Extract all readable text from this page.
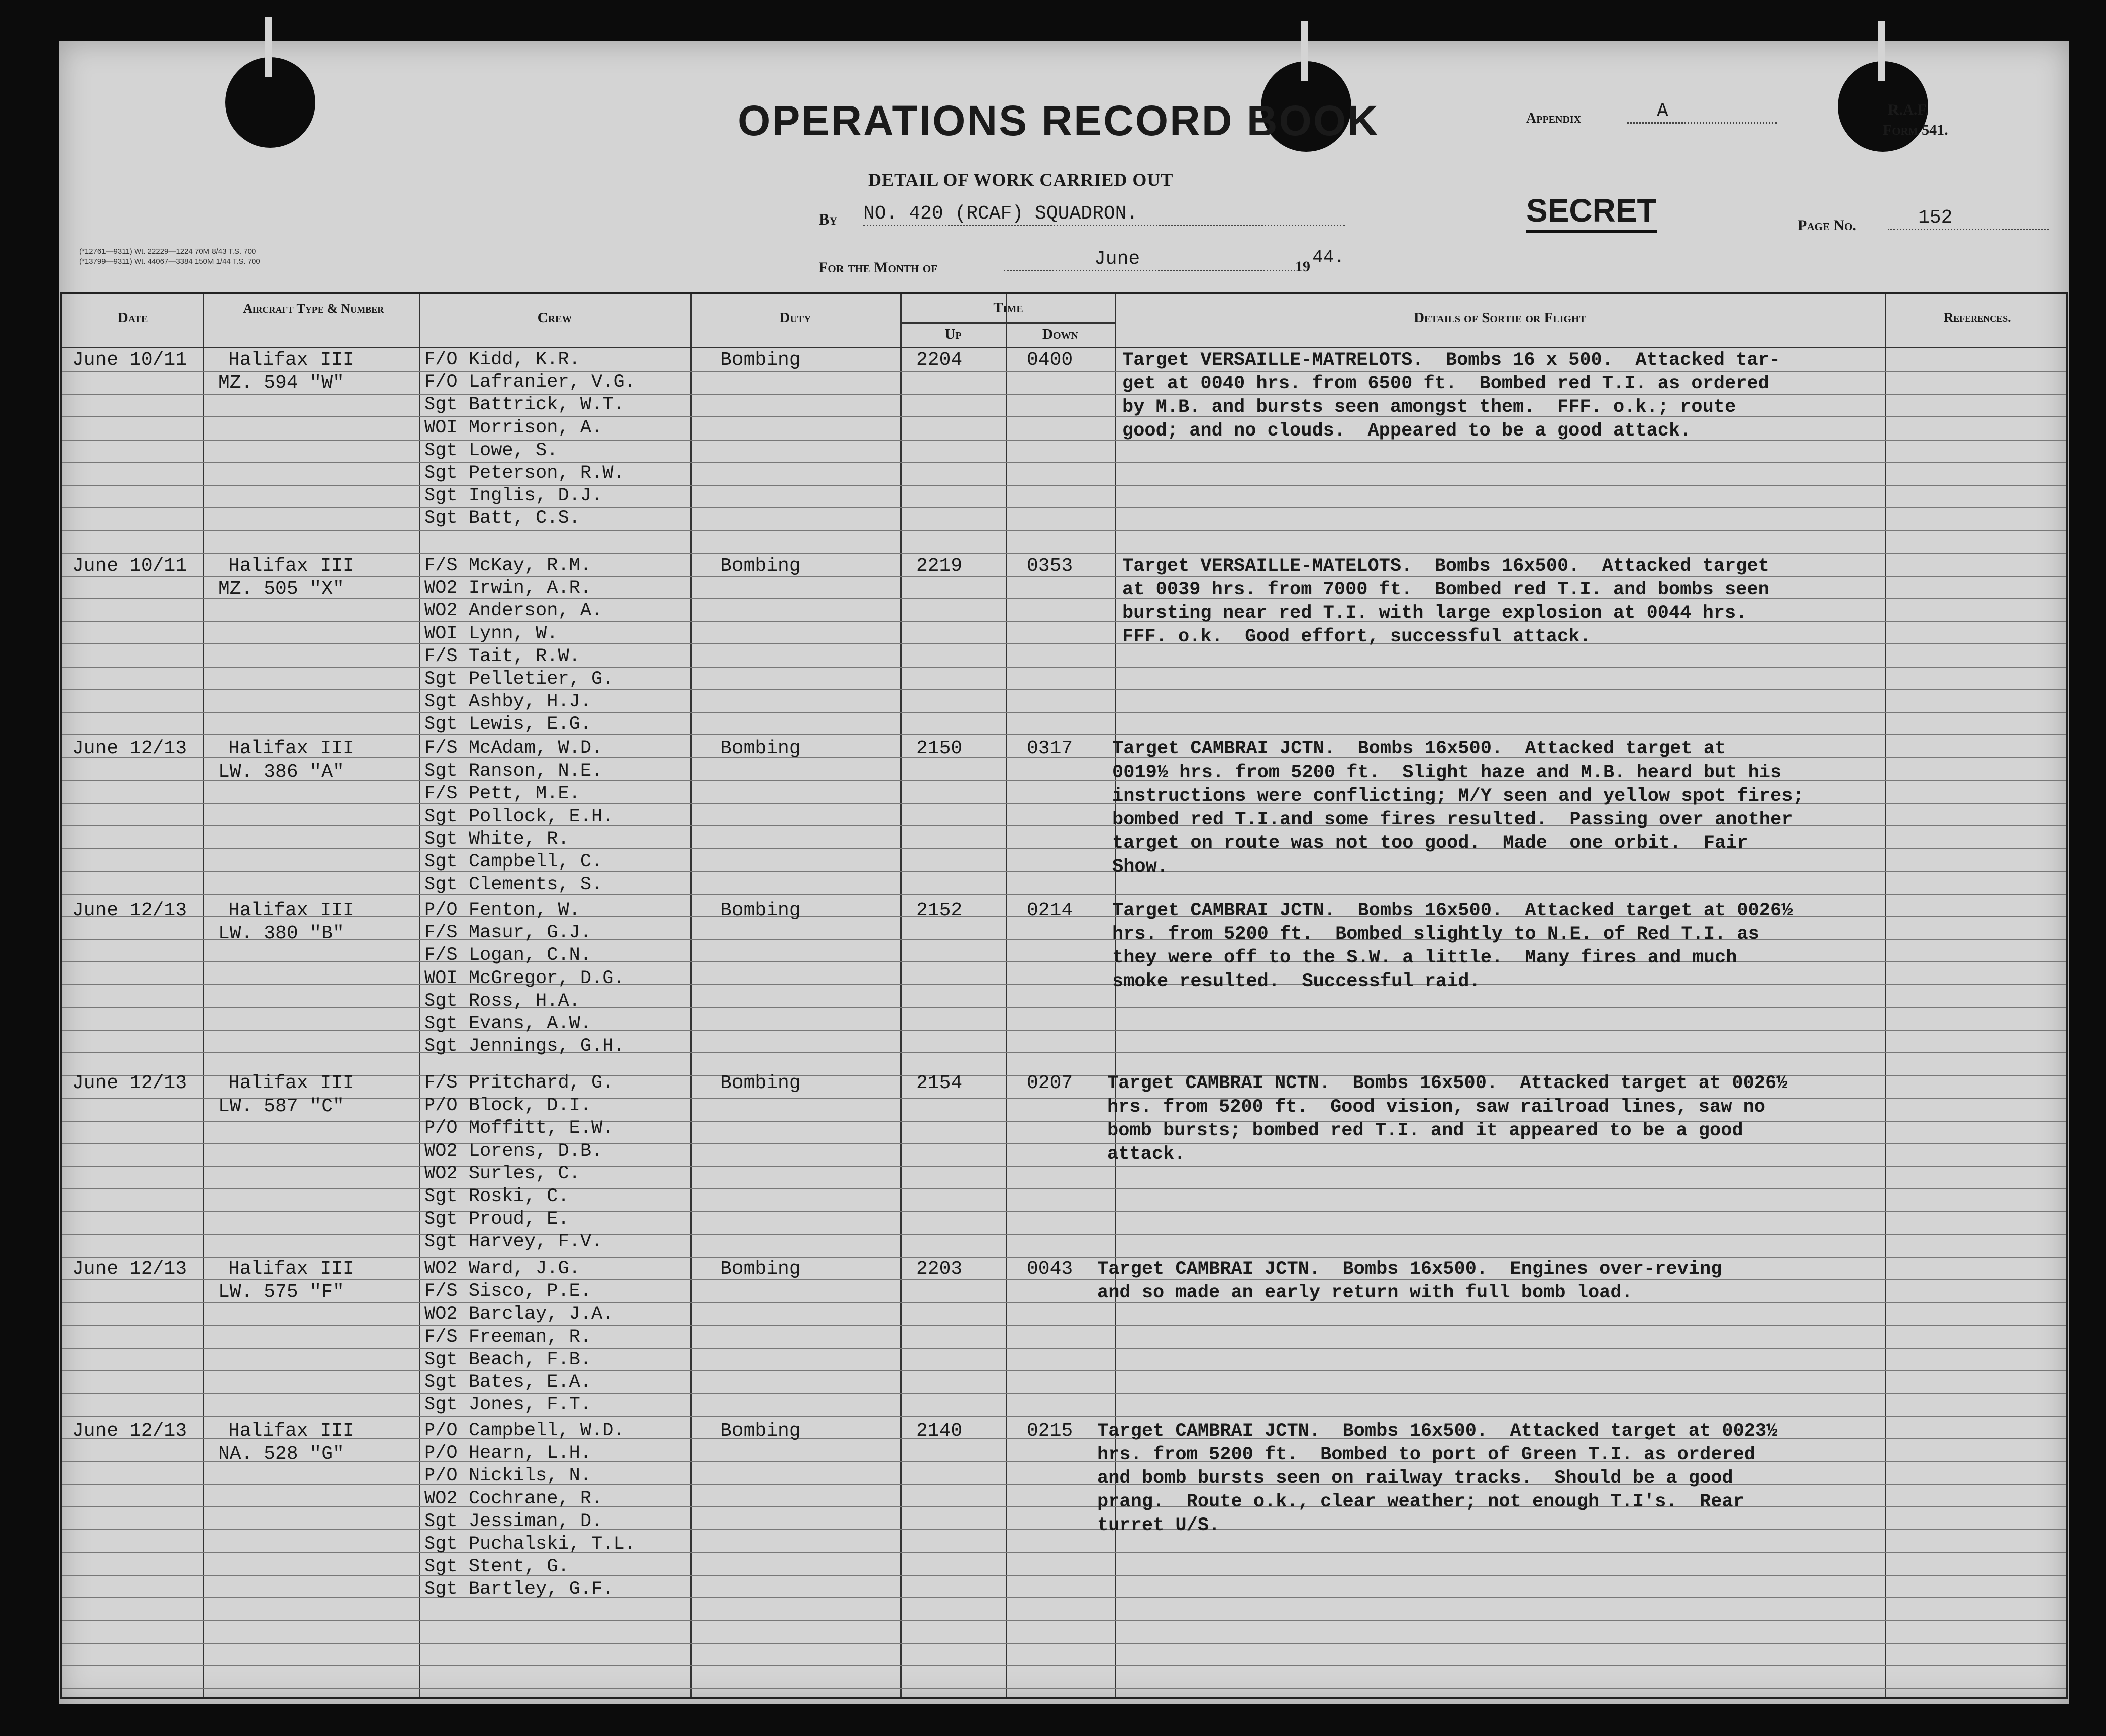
OPERATIONS RECORD BOOK	Appendix	A	R.A.F.
Form 541.
DETAIL OF WORK CARRIED OUT
By NO. 420 (RCAF) SQUADRON.	SECRET	Page No.	152
(*12761—9311) Wt. 22229—1224 70M 8/43 T.S. 700
(*13799—9311) Wt. 44067—3384 150M 1/44 T.S. 700	For the Month of	June	19 44.
Date
Aircraft Type & Number
Crew	Duty
Time
Up	Down
Details of Sortie or Flight	References.
June 10/11 Halifax III
MZ. 594 "W"
F/O Kidd, K.R.
F/O Lafranier, V.G.
Sgt Battrick, W.T.
WOI Morrison, A.
Sgt Lowe, S.
Sgt Peterson, R.W.
Sgt Inglis, D.J.
Sgt Batt, C.S.
Bombing	2204	0400	Target VERSAILLE-MATRELOTS.  Bombs 16 x 500.  Attacked tar-
get at 0040 hrs. from 6500 ft.  Bombed red T.I. as ordered
by M.B. and bursts seen amongst them.  FFF. o.k.; route
good; and no clouds.  Appeared to be a good attack.
June 10/11 Halifax III
MZ. 505 "X"
F/S McKay, R.M.
WO2 Irwin, A.R.
WO2 Anderson, A.
WOI Lynn, W.
F/S Tait, R.W.
Sgt Pelletier, G.
Sgt Ashby, H.J.
Sgt Lewis, E.G.
Bombing	2219	0353	Target VERSAILLE-MATELOTS.  Bombs 16x500.  Attacked target
at 0039 hrs. from 7000 ft.  Bombed red T.I. and bombs seen
bursting near red T.I. with large explosion at 0044 hrs.
FFF. o.k.  Good effort, successful attack.
June 12/13 Halifax III
LW. 386 "A"
F/S McAdam, W.D.
Sgt Ranson, N.E.
F/S Pett, M.E.
Sgt Pollock, E.H.
Sgt White, R.
Sgt Campbell, C.
Sgt Clements, S.
Bombing	2150	0317 Target CAMBRAI JCTN.  Bombs 16x500.  Attacked target at
0019½ hrs. from 5200 ft.  Slight haze and M.B. heard but his
instructions were conflicting; M/Y seen and yellow spot fires;
bombed red T.I.and some fires resulted.  Passing over another
target on route was not too good.  Made  one orbit.  Fair
Show.
June 12/13 Halifax III
LW. 380 "B"
P/O Fenton, W.
F/S Masur, G.J.
F/S Logan, C.N.
WOI McGregor, D.G.
Sgt Ross, H.A.
Sgt Evans, A.W.
Sgt Jennings, G.H.
Bombing	2152	0214 Target CAMBRAI JCTN.  Bombs 16x500.  Attacked target at 0026½
hrs. from 5200 ft.  Bombed slightly to N.E. of Red T.I. as
they were off to the S.W. a little.  Many fires and much
smoke resulted.  Successful raid.
June 12/13 Halifax III
LW. 587 "C"
F/S Pritchard, G.
P/O Block, D.I.
P/O Moffitt, E.W.
WO2 Lorens, D.B.
WO2 Surles, C.
Sgt Roski, C.
Sgt Proud, E.
Sgt Harvey, F.V.
Bombing	2154	0207 Target CAMBRAI NCTN.  Bombs 16x500.  Attacked target at 0026½
hrs. from 5200 ft.  Good vision, saw railroad lines, saw no
bomb bursts; bombed red T.I. and it appeared to be a good
attack.
June 12/13 Halifax III
LW. 575 "F"
WO2 Ward, J.G.
F/S Sisco, P.E.
WO2 Barclay, J.A.
F/S Freeman, R.
Sgt Beach, F.B.
Sgt Bates, E.A.
Sgt Jones, F.T.
Bombing	2203	0043 Target CAMBRAI JCTN.  Bombs 16x500.  Engines over-reving
and so made an early return with full bomb load.
June 12/13 Halifax III
NA. 528 "G"
P/O Campbell, W.D.
P/O Hearn, L.H.
P/O Nickils, N.
WO2 Cochrane, R.
Sgt Jessiman, D.
Sgt Puchalski, T.L.
Sgt Stent, G.
Sgt Bartley, G.F.
Bombing	2140	0215 Target CAMBRAI JCTN.  Bombs 16x500.  Attacked target at 0023½
hrs. from 5200 ft.  Bombed to port of Green T.I. as ordered
and bomb bursts seen on railway tracks.  Should be a good
prang.  Route o.k., clear weather; not enough T.I's.  Rear
turret U/S.
